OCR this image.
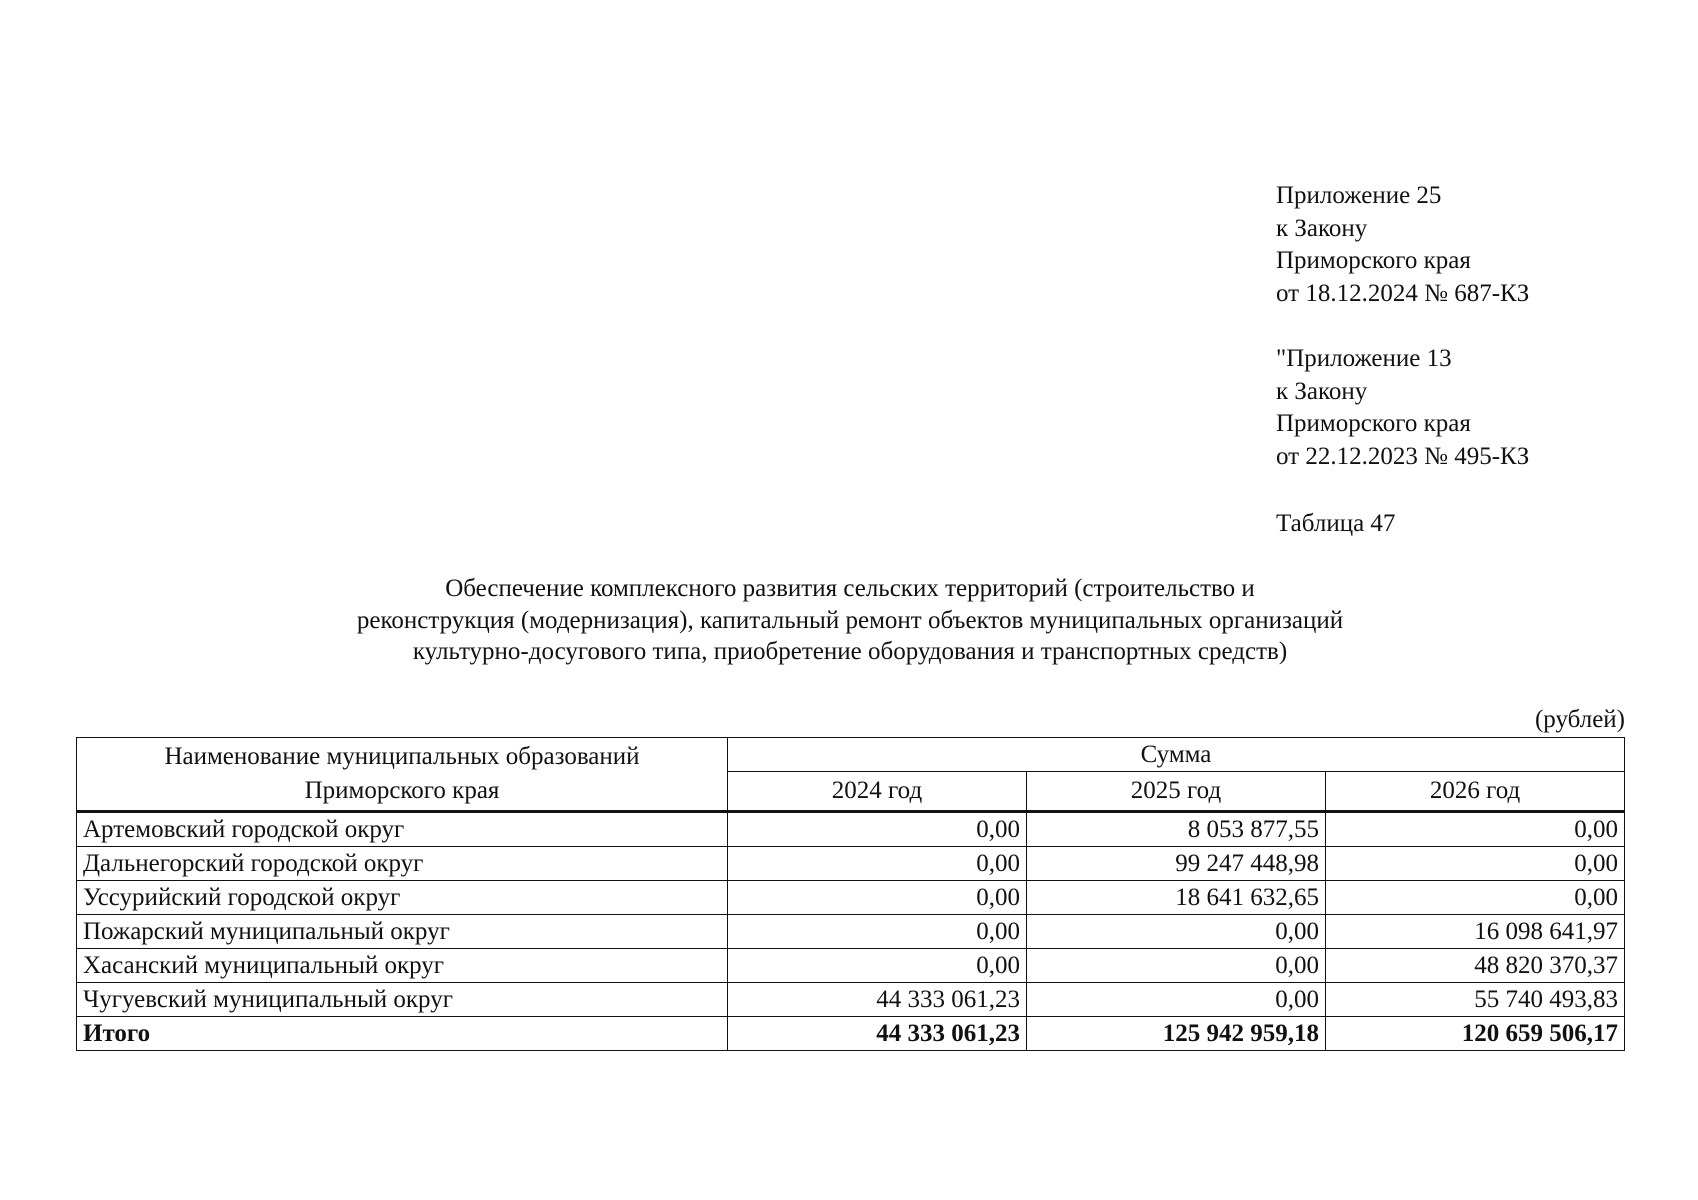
Приложение 25
к Закону
Приморского края
от 18.12.2024 № 687-КЗ
"Приложение 13
к Закону
Приморского края
от 22.12.2023 № 495-КЗ
Таблица 47
Обеспечение комплексного развития сельских территорий (строительство и
реконструкция (модернизация), капитальный ремонт объектов муниципальных организаций
культурно-досугового типа, приобретение оборудования и транспортных средств)
(рублей)
Наименование муниципальных образований
Приморского края	Сумма		
	2024 год	2025 год	2026 год
Артемовский городской округ	0,00	8 053 877,55	0,00
Дальнегорский городской округ	0,00	99 247 448,98	0,00
Уссурийский городской округ	0,00	18 641 632,65	0,00
Пожарский муниципальный округ	0,00	0,00	16 098 641,97
Хасанский муниципальный округ	0,00	0,00	48 820 370,37
Чугуевский муниципальный округ	44 333 061,23	0,00	55 740 493,83
Итого	44 333 061,23	125 942 959,18	120 659 506,17
